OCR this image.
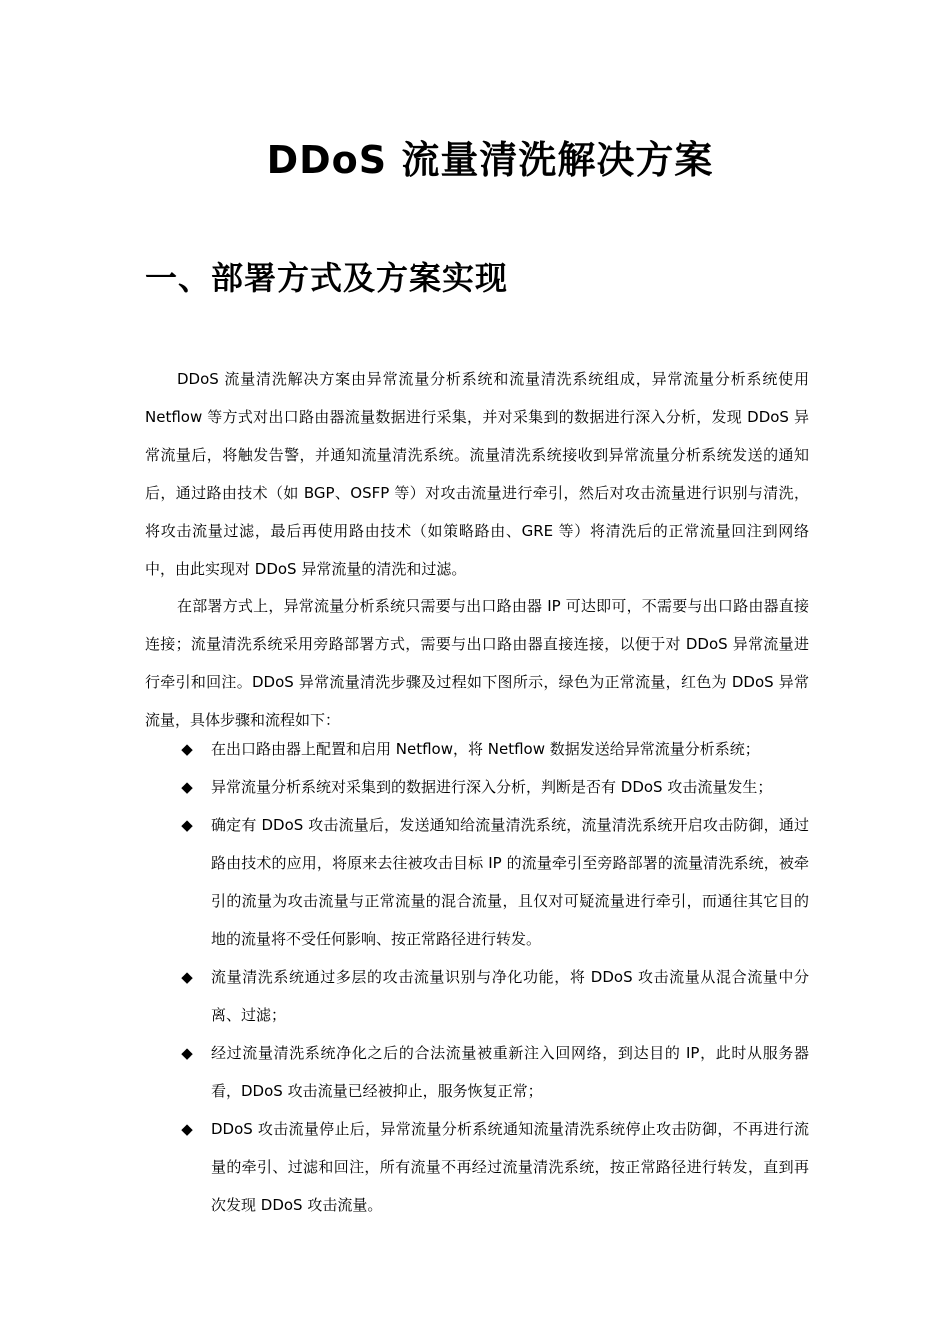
DDoS 流量清洗解决方案
一、部署方式及方案实现

DDoS 流量清洗解决方案由异常流量分析系统和流量清洗系统组成，异常流量分析系统使用 Netflow 等方式对出口路由器流量数据进行采集，并对采集到的数据进行深入分析，发现 DDoS 异常流量后，将触发告警，并通知流量清洗系统。流量清洗系统接收到异常流量分析系统发送的通知后，通过路由技术（如 BGP、OSFP 等）对攻击流量进行牵引，然后对攻击流量进行识别与清洗，将攻击流量过滤，最后再使用路由技术（如策略路由、GRE 等）将清洗后的正常流量回注到网络中，由此实现对 DDoS 异常流量的清洗和过滤。

在部署方式上，异常流量分析系统只需要与出口路由器 IP 可达即可，不需要与出口路由器直接连接；流量清洗系统采用旁路部署方式，需要与出口路由器直接连接，以便于对 DDoS 异常流量进行牵引和回注。DDoS 异常流量清洗步骤及过程如下图所示，绿色为正常流量，红色为 DDoS 异常流量，具体步骤和流程如下：

◆ 在出口路由器上配置和启用 Netflow，将 Netflow 数据发送给异常流量分析系统；
◆ 异常流量分析系统对采集到的数据进行深入分析，判断是否有 DDoS 攻击流量发生；
◆ 确定有 DDoS 攻击流量后，发送通知给流量清洗系统，流量清洗系统开启攻击防御，通过路由技术的应用，将原来去往被攻击目标 IP 的流量牵引至旁路部署的流量清洗系统，被牵引的流量为攻击流量与正常流量的混合流量，且仅对可疑流量进行牵引，而通往其它目的地的流量将不受任何影响、按正常路径进行转发。
◆ 流量清洗系统通过多层的攻击流量识别与净化功能，将 DDoS 攻击流量从混合流量中分离、过滤；
◆ 经过流量清洗系统净化之后的合法流量被重新注入回网络，到达目的 IP，此时从服务器看，DDoS 攻击流量已经被抑止，服务恢复正常；
◆ DDoS 攻击流量停止后，异常流量分析系统通知流量清洗系统停止攻击防御，不再进行流量的牵引、过滤和回注，所有流量不再经过流量清洗系统，按正常路径进行转发，直到再次发现 DDoS 攻击流量。
